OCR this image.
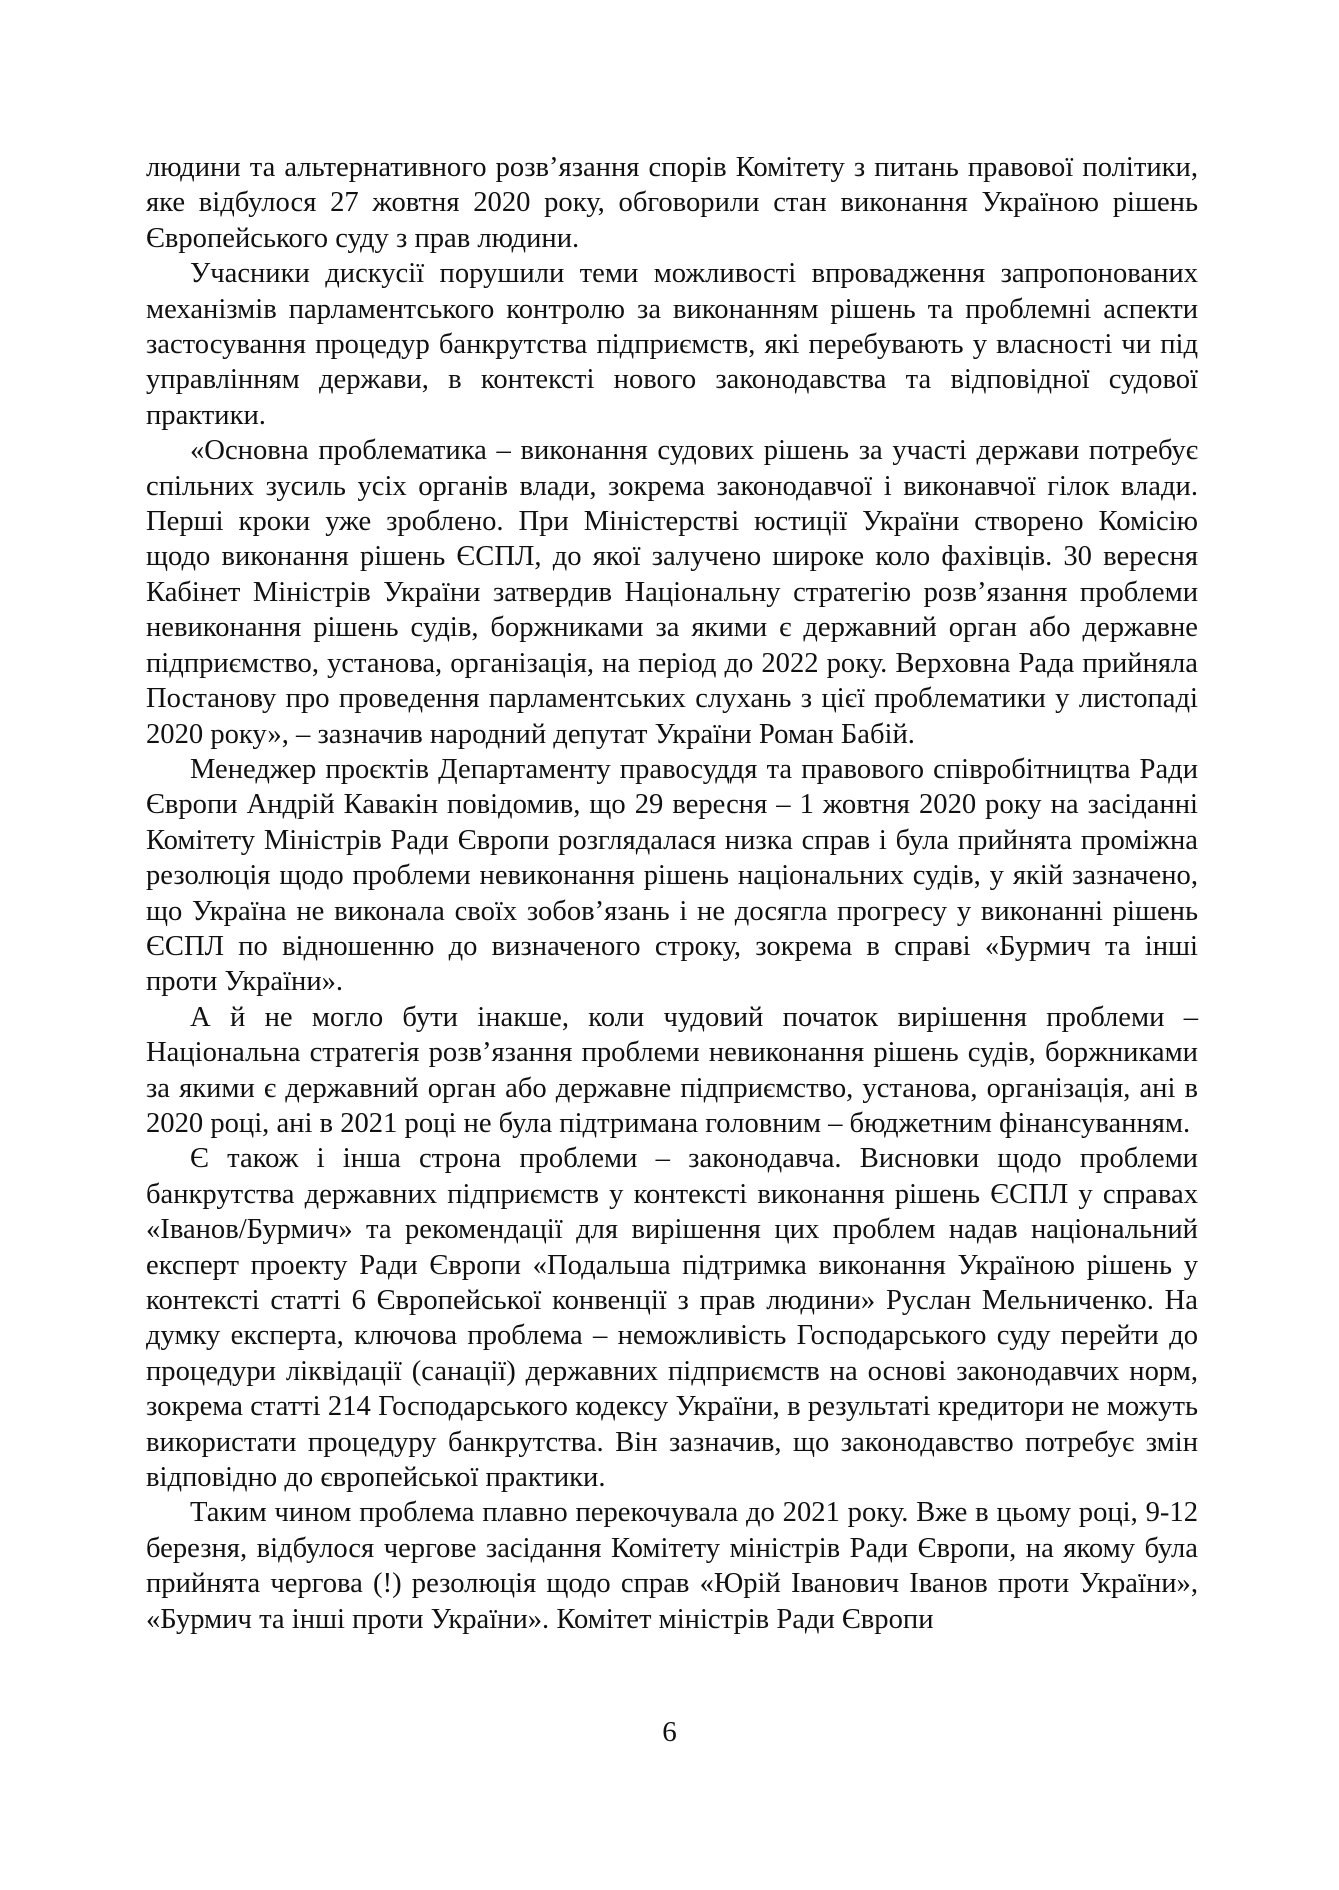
людини та альтернативного розв’язання спорів Комітету з питань правової політики, яке відбулося 27 жовтня 2020 року, обговорили стан виконання Україною рішень Європейського суду з прав людини.

Учасники дискусії порушили теми можливості впровадження запропонованих механізмів парламентського контролю за виконанням рішень та проблемні аспекти застосування процедур банкрутства підприємств, які перебувають у власності чи під управлінням держави, в контексті нового законодавства та відповідної судової практики.

«Основна проблематика – виконання судових рішень за участі держави потребує спільних зусиль усіх органів влади, зокрема законодавчої і виконавчої гілок влади. Перші кроки уже зроблено. При Міністерстві юстиції України створено Комісію щодо виконання рішень ЄСПЛ, до якої залучено широке коло фахівців. 30 вересня Кабінет Міністрів України затвердив Національну стратегію розв’язання проблеми невиконання рішень судів, боржниками за якими є державний орган або державне підприємство, установа, організація, на період до 2022 року. Верховна Рада прийняла Постанову про проведення парламентських слухань з цієї проблематики у листопаді 2020 року», – зазначив народний депутат України Роман Бабій.

Менеджер проєктів Департаменту правосуддя та правового співробітництва Ради Європи Андрій Кавакін повідомив, що 29 вересня – 1 жовтня 2020 року на засіданні Комітету Міністрів Ради Європи розглядалася низка справ і була прийнята проміжна резолюція щодо проблеми невиконання рішень національних судів, у якій зазначено, що Україна не виконала своїх зобов’язань і не досягла прогресу у виконанні рішень ЄСПЛ по відношенню до визначеного строку, зокрема в справі «Бурмич та інші проти України».

А й не могло бути інакше, коли чудовий початок вирішення проблеми – Національна стратегія розв’язання проблеми невиконання рішень судів, боржниками за якими є державний орган або державне підприємство, установа, організація, ані в 2020 році, ані в 2021 році не була підтримана головним – бюджетним фінансуванням.

Є також і інша строна проблеми – законодавча. Висновки щодо проблеми банкрутства державних підприємств у контексті виконання рішень ЄСПЛ у справах «Іванов/Бурмич» та рекомендації для вирішення цих проблем надав національний експерт проекту Ради Європи «Подальша підтримка виконання Україною рішень у контексті статті 6 Європейської конвенції з прав людини» Руслан Мельниченко. На думку експерта, ключова проблема – неможливість Господарського суду перейти до процедури ліквідації (санації) державних підприємств на основі законодавчих норм, зокрема статті 214 Господарського кодексу України, в результаті кредитори не можуть використати процедуру банкрутства. Він зазначив, що законодавство потребує змін відповідно до європейської практики.

Таким чином проблема плавно перекочувала до 2021 року. Вже в цьому році, 9-12 березня, відбулося чергове засідання Комітету міністрів Ради Європи, на якому була прийнята чергова (!) резолюція щодо справ «Юрій Іванович Іванов проти України», «Бурмич та інші проти України». Комітет міністрів Ради Європи

6
